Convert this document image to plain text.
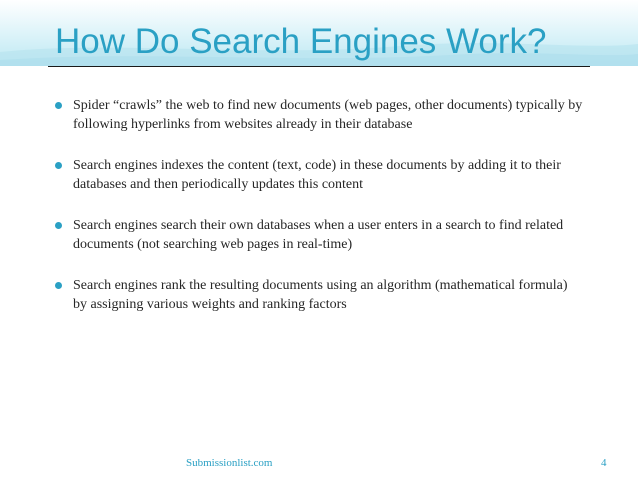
How Do Search Engines Work?
Spider “crawls” the web to find new documents (web pages, other documents) typically by following hyperlinks from websites already in their database
Search engines indexes the content (text, code) in these documents by adding it to their databases and then periodically updates this content
Search engines search their own databases when a user enters in a search to find related documents (not searching web pages in real-time)
Search engines rank the resulting documents using an algorithm (mathematical formula) by assigning various weights and ranking factors
Submissionlist.com	4
